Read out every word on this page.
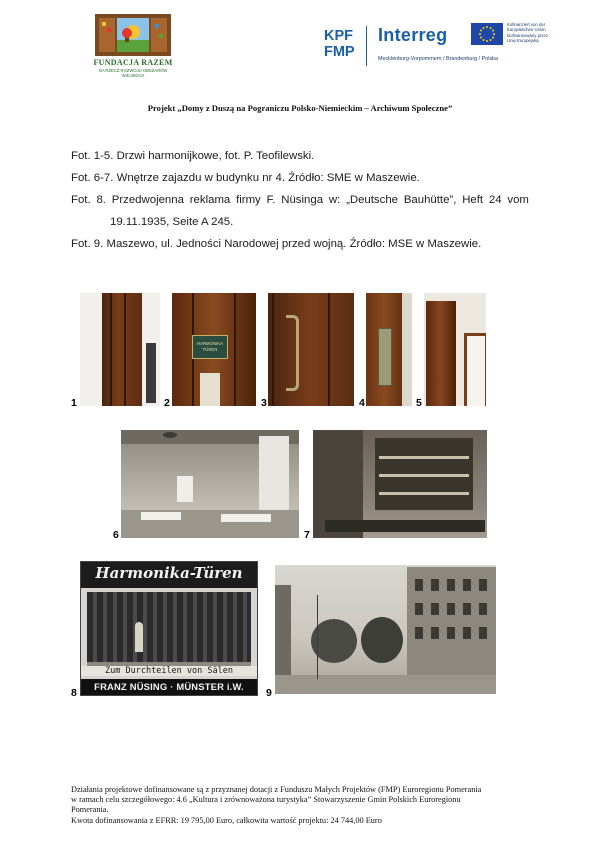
FUNDACJA RAZEM
NA RZECZ ROZWOJU OBSZARÓW WIEJSKICH
KPF
FMP
Interreg
Mecklenburg-Vorpommern / Brandenburg / Polska
Kofinanziert von der
Europäischen Union
Dofinansowany przez
Unię Europejską
Projekt „Domy z Duszą na Pograniczu Polsko-Niemieckim – Archiwum Społeczne”
Fot. 1-5. Drzwi harmonijkowe, fot. P. Teofilewski.
Fot. 6-7. Wnętrze zajazdu w budynku nr 4. Źródło: SME w Maszewie.
Fot. 8. Przedwojenna reklama firmy F. Nüsinga w: „Deutsche Bauhütte”, Heft 24 vom
19.11.1935, Seite A 245.
Fot. 9. Maszewo, ul. Jedności Narodowej przed wojną. Źródło: MSE w Maszewie.
1
HARMONIKA
TÜREN
2	3	4	5
6	7
Harmonika-Türen
Zum Durchteilen von Sälen
FRANZ NÜSING · MÜNSTER i.W.
8	9
Działania projektowe dofinansowane są z przyznanej dotacji z Funduszu Małych Projektów (FMP) Euroregionu Pomerania
w ramach celu szczegółowego: 4.6 „Kultura i zrównoważona turystyka” Stowarzyszenie Gmin Polskich Euroregionu
Pomerania.
Kwota dofinansowania z EFRR: 19 795,00 Euro, całkowita wartość projektu: 24 744,00 Euro
